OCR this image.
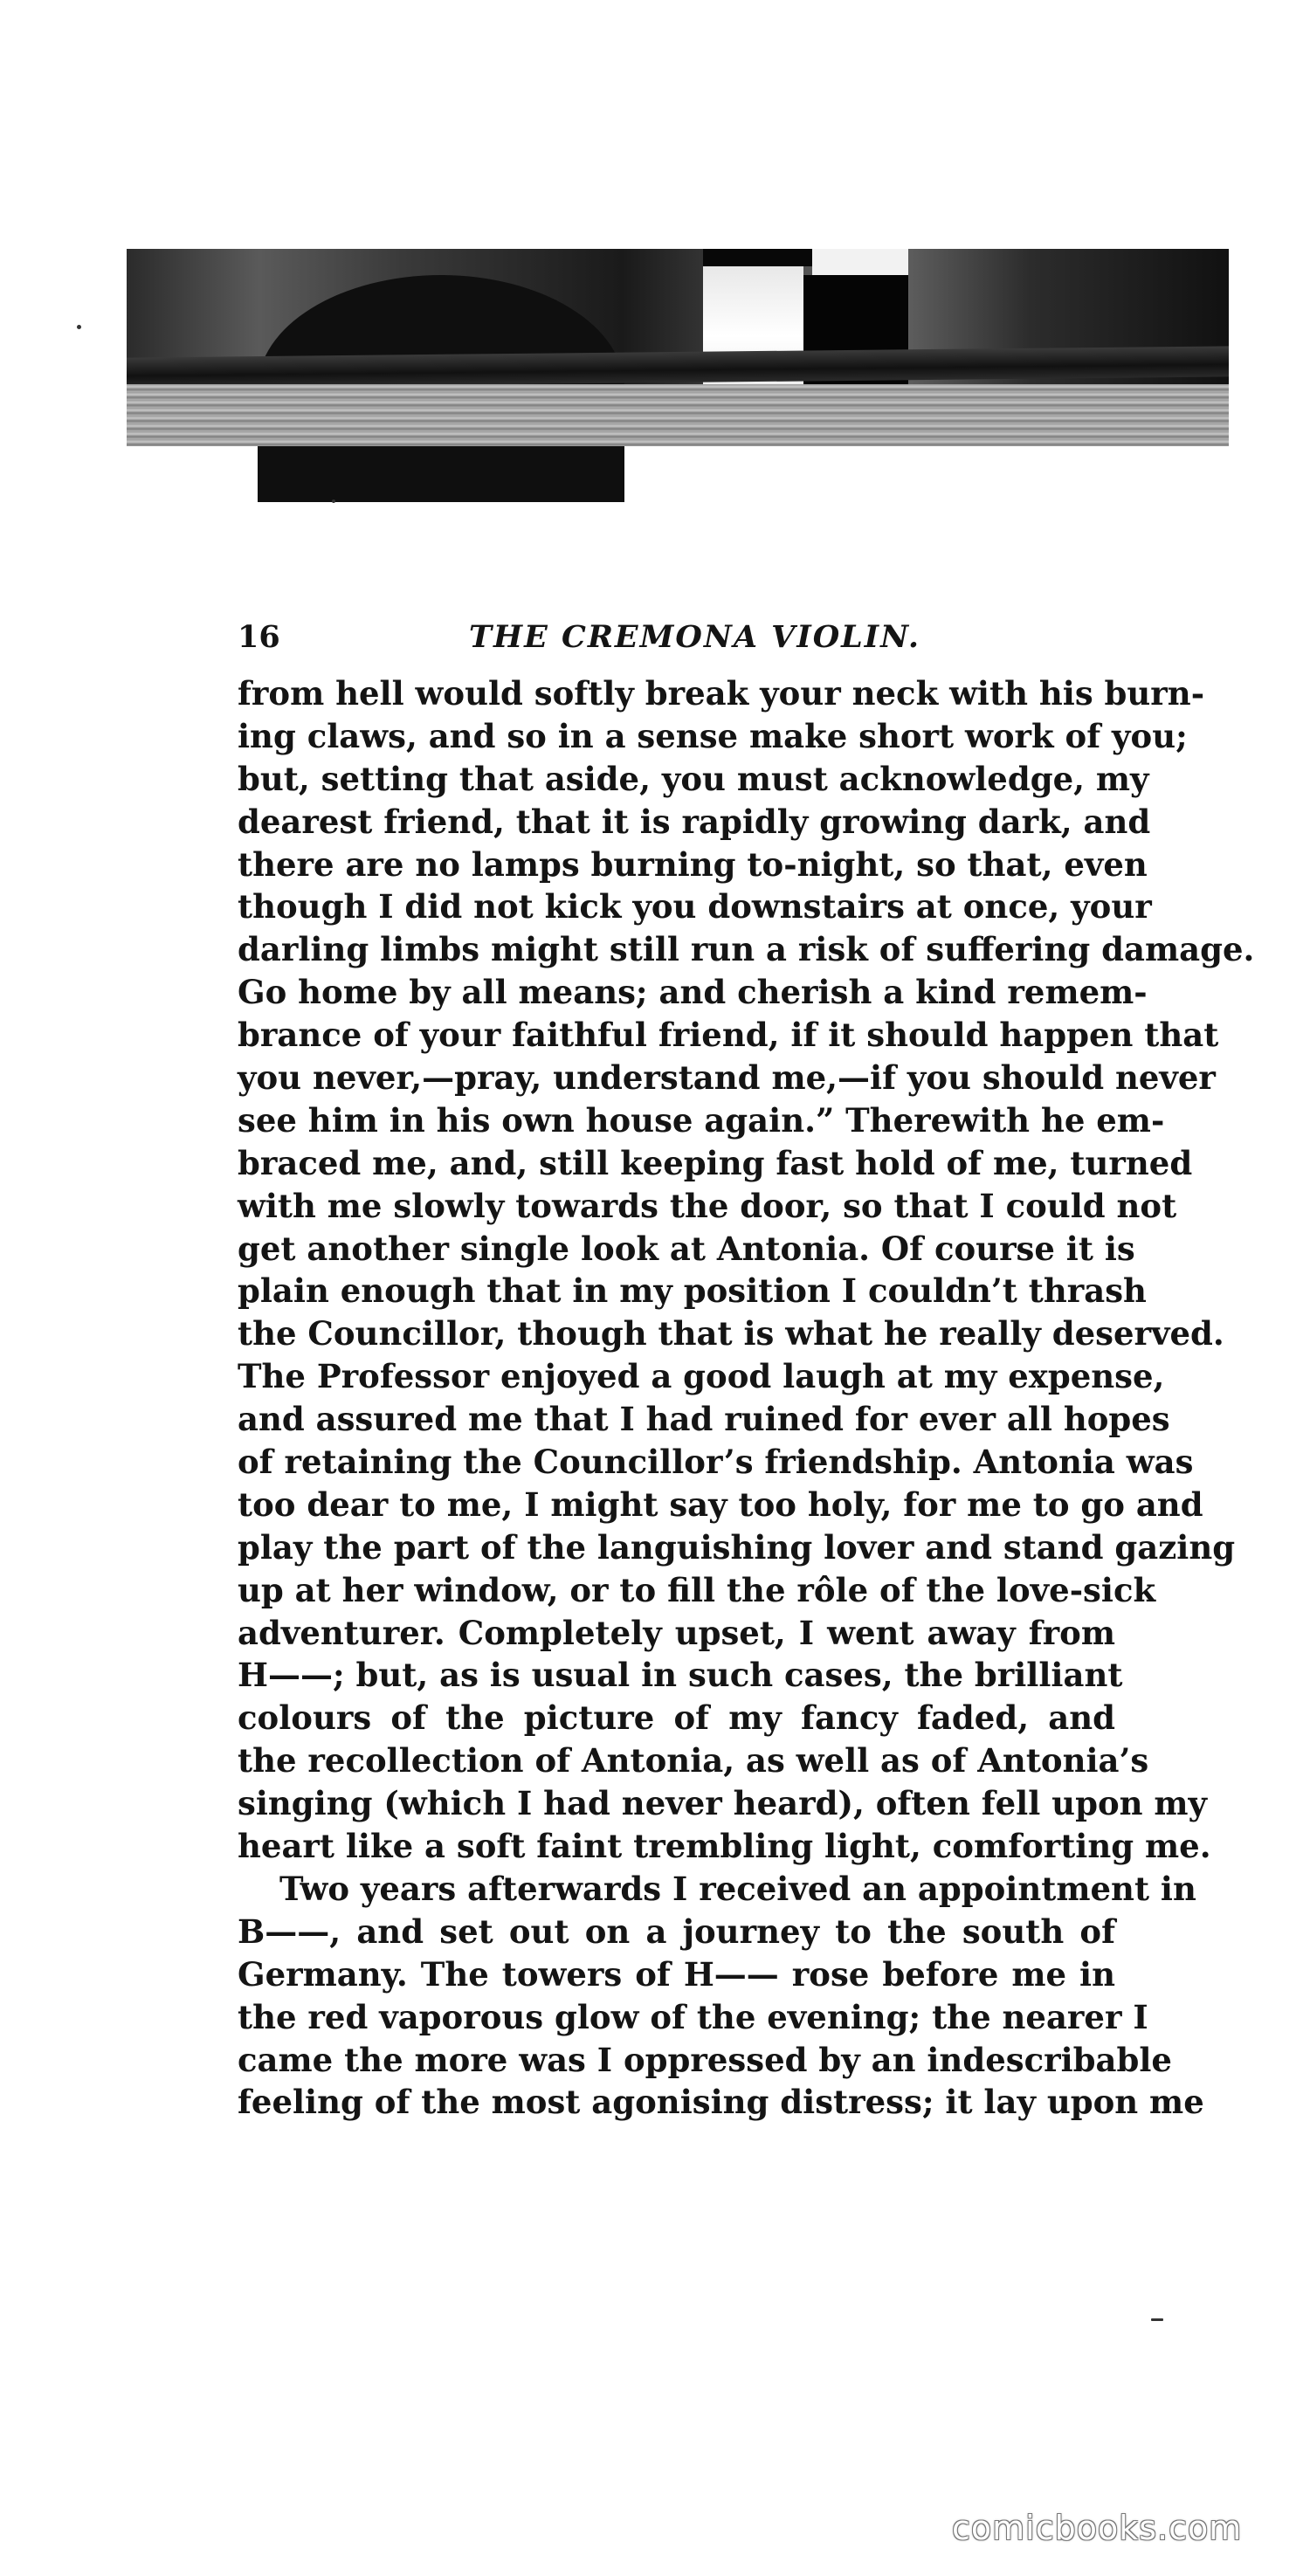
16	THE CREMONA VIOLIN.
from hell would softly break your neck with his burn-
ing claws, and so in a sense make short work of you;
but, setting that aside, you must acknowledge, my
dearest friend, that it is rapidly growing dark, and
there are no lamps burning to-night, so that, even
though I did not kick you downstairs at once, your
darling limbs might still run a risk of suffering damage.
Go home by all means; and cherish a kind remem-
brance of your faithful friend, if it should happen that
you never,—pray, understand me,—if you should never
see him in his own house again.” Therewith he em-
braced me, and, still keeping fast hold of me, turned
with me slowly towards the door, so that I could not
get another single look at Antonia. Of course it is
plain enough that in my position I couldn’t thrash
the Councillor, though that is what he really deserved.
The Professor enjoyed a good laugh at my expense,
and assured me that I had ruined for ever all hopes
of retaining the Councillor’s friendship. Antonia was
too dear to me, I might say too holy, for me to go and
play the part of the languishing lover and stand gazing
up at her window, or to fill the rôle of the love-sick
adventurer. Completely upset, I went away from
H——; but, as is usual in such cases, the brilliant
colours of the picture of my fancy faded, and
the recollection of Antonia, as well as of Antonia’s
singing (which I had never heard), often fell upon my
heart like a soft faint trembling light, comforting me.
Two years afterwards I received an appointment in
B——, and set out on a journey to the south of
Germany. The towers of H—— rose before me in
the red vaporous glow of the evening; the nearer I
came the more was I oppressed by an indescribable
feeling of the most agonising distress; it lay upon me
comicbooks.com
